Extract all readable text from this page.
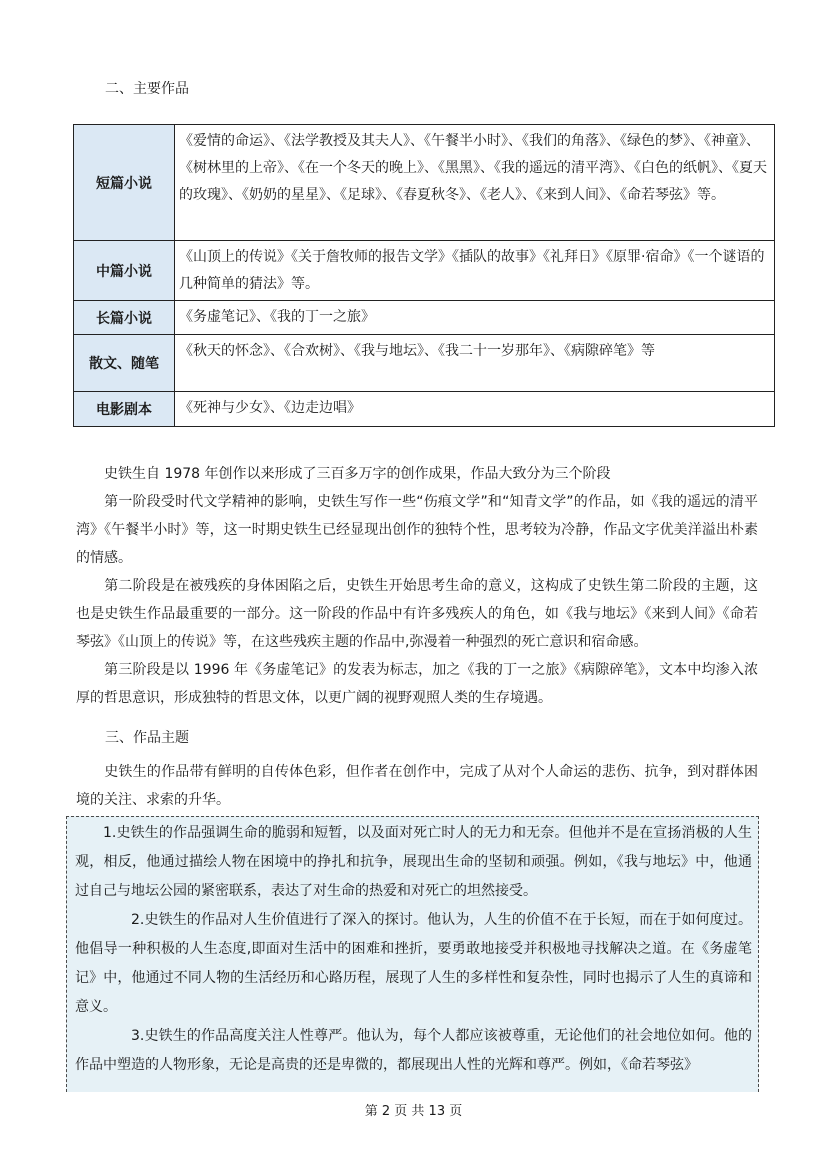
二、主要作品
短篇小说	《爱情的命运》、《法学教授及其夫人》、《午餐半小时》、《我们的角落》、《绿色的梦》、《神童》、《树林里的上帝》、《在一个冬天的晚上》、《黑黑》、《我的遥远的清平湾》、《白色的纸帆》、《夏天的玫瑰》、《奶奶的星星》、《足球》、《春夏秋冬》、《老人》、《来到人间》、《命若琴弦》等。
中篇小说	《山顶上的传说》《关于詹牧师的报告文学》《插队的故事》《礼拜日》《原罪·宿命》《一个谜语的几种简单的猜法》等。
长篇小说	《务虚笔记》、《我的丁一之旅》
散文、随笔	《秋天的怀念》、《合欢树》、《我与地坛》、《我二十一岁那年》、《病隙碎笔》等
电影剧本	《死神与少女》、《边走边唱》

史铁生自 1978 年创作以来形成了三百多万字的创作成果，作品大致分为三个阶段

第一阶段受时代文学精神的影响，史铁生写作一些“伤痕文学”和“知青文学”的作品，如《我的遥远的清平湾》《午餐半小时》等，这一时期史铁生已经显现出创作的独特个性，思考较为冷静，作品文字优美洋溢出朴素的情感。

第二阶段是在被残疾的身体困陷之后，史铁生开始思考生命的意义，这构成了史铁生第二阶段的主题，这也是史铁生作品最重要的一部分。这一阶段的作品中有许多残疾人的角色，如《我与地坛》《来到人间》《命若琴弦》《山顶上的传说》等，在这些残疾主题的作品中,弥漫着一种强烈的死亡意识和宿命感。

第三阶段是以 1996 年《务虚笔记》的发表为标志，加之《我的丁一之旅》《病隙碎笔》，文本中均渗入浓厚的哲思意识，形成独特的哲思文体，以更广阔的视野观照人类的生存境遇。

三、作品主题

史铁生的作品带有鲜明的自传体色彩，但作者在创作中，完成了从对个人命运的悲伤、抗争，到对群体困境的关注、求索的升华。

1.史铁生的作品强调生命的脆弱和短暂，以及面对死亡时人的无力和无奈。但他并不是在宣扬消极的人生观，相反，他通过描绘人物在困境中的挣扎和抗争，展现出生命的坚韧和顽强。例如，《我与地坛》中，他通过自己与地坛公园的紧密联系，表达了对生命的热爱和对死亡的坦然接受。

2.史铁生的作品对人生价值进行了深入的探讨。他认为，人生的价值不在于长短，而在于如何度过。他倡导一种积极的人生态度,即面对生活中的困难和挫折，要勇敢地接受并积极地寻找解决之道。在《务虚笔记》中，他通过不同人物的生活经历和心路历程，展现了人生的多样性和复杂性，同时也揭示了人生的真谛和意义。

3.史铁生的作品高度关注人性尊严。他认为，每个人都应该被尊重，无论他们的社会地位如何。他的作品中塑造的人物形象，无论是高贵的还是卑微的，都展现出人性的光辉和尊严。例如，《命若琴弦》

第 2 页 共 13 页
